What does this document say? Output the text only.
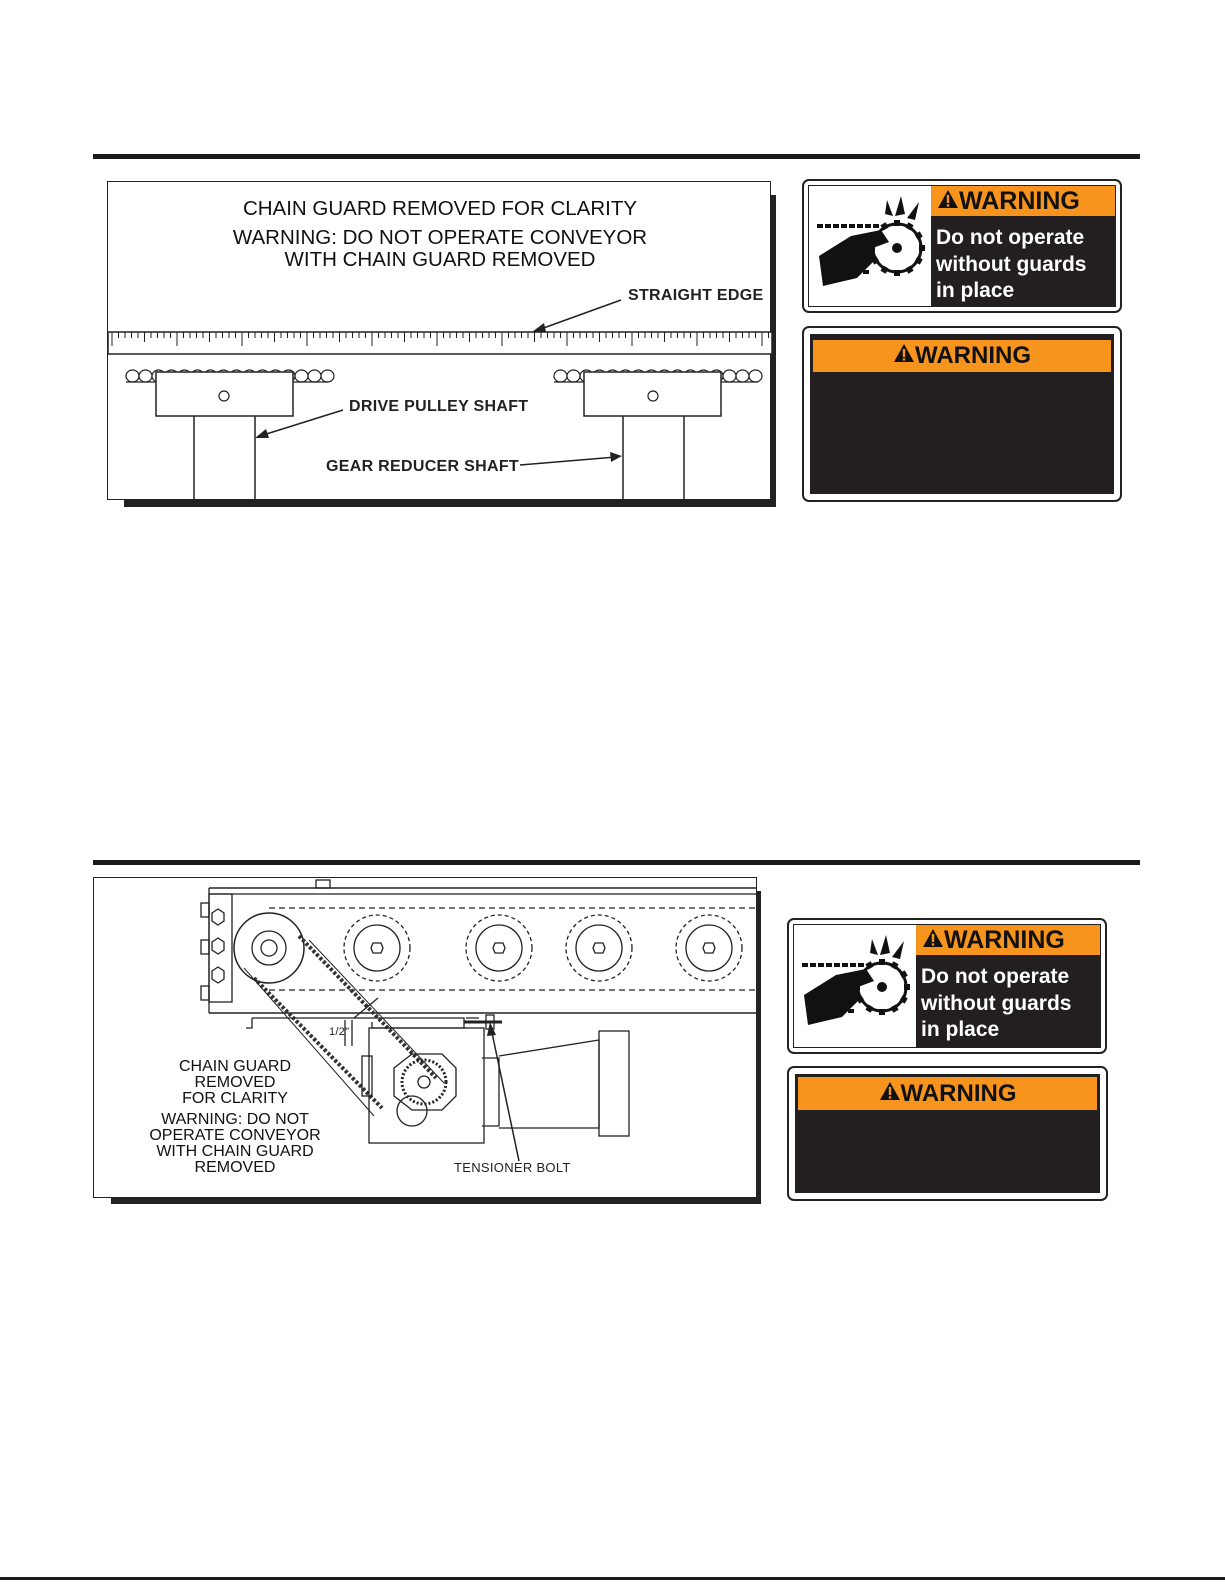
CHAIN GUARD REMOVED FOR CLARITY
WARNING: DO NOT OPERATE CONVEYOR
WITH CHAIN GUARD REMOVED
STRAIGHT EDGE
DRIVE PULLEY SHAFT
GEAR REDUCER SHAFT
WARNING
Do not operate
without guards
in place
WARNING
1/2"
CHAIN GUARD
REMOVED
FOR CLARITY
WARNING: DO NOT
OPERATE CONVEYOR
WITH CHAIN GUARD
REMOVED	TENSIONER BOLT
WARNING
Do not operate
without guards
in place
WARNING
